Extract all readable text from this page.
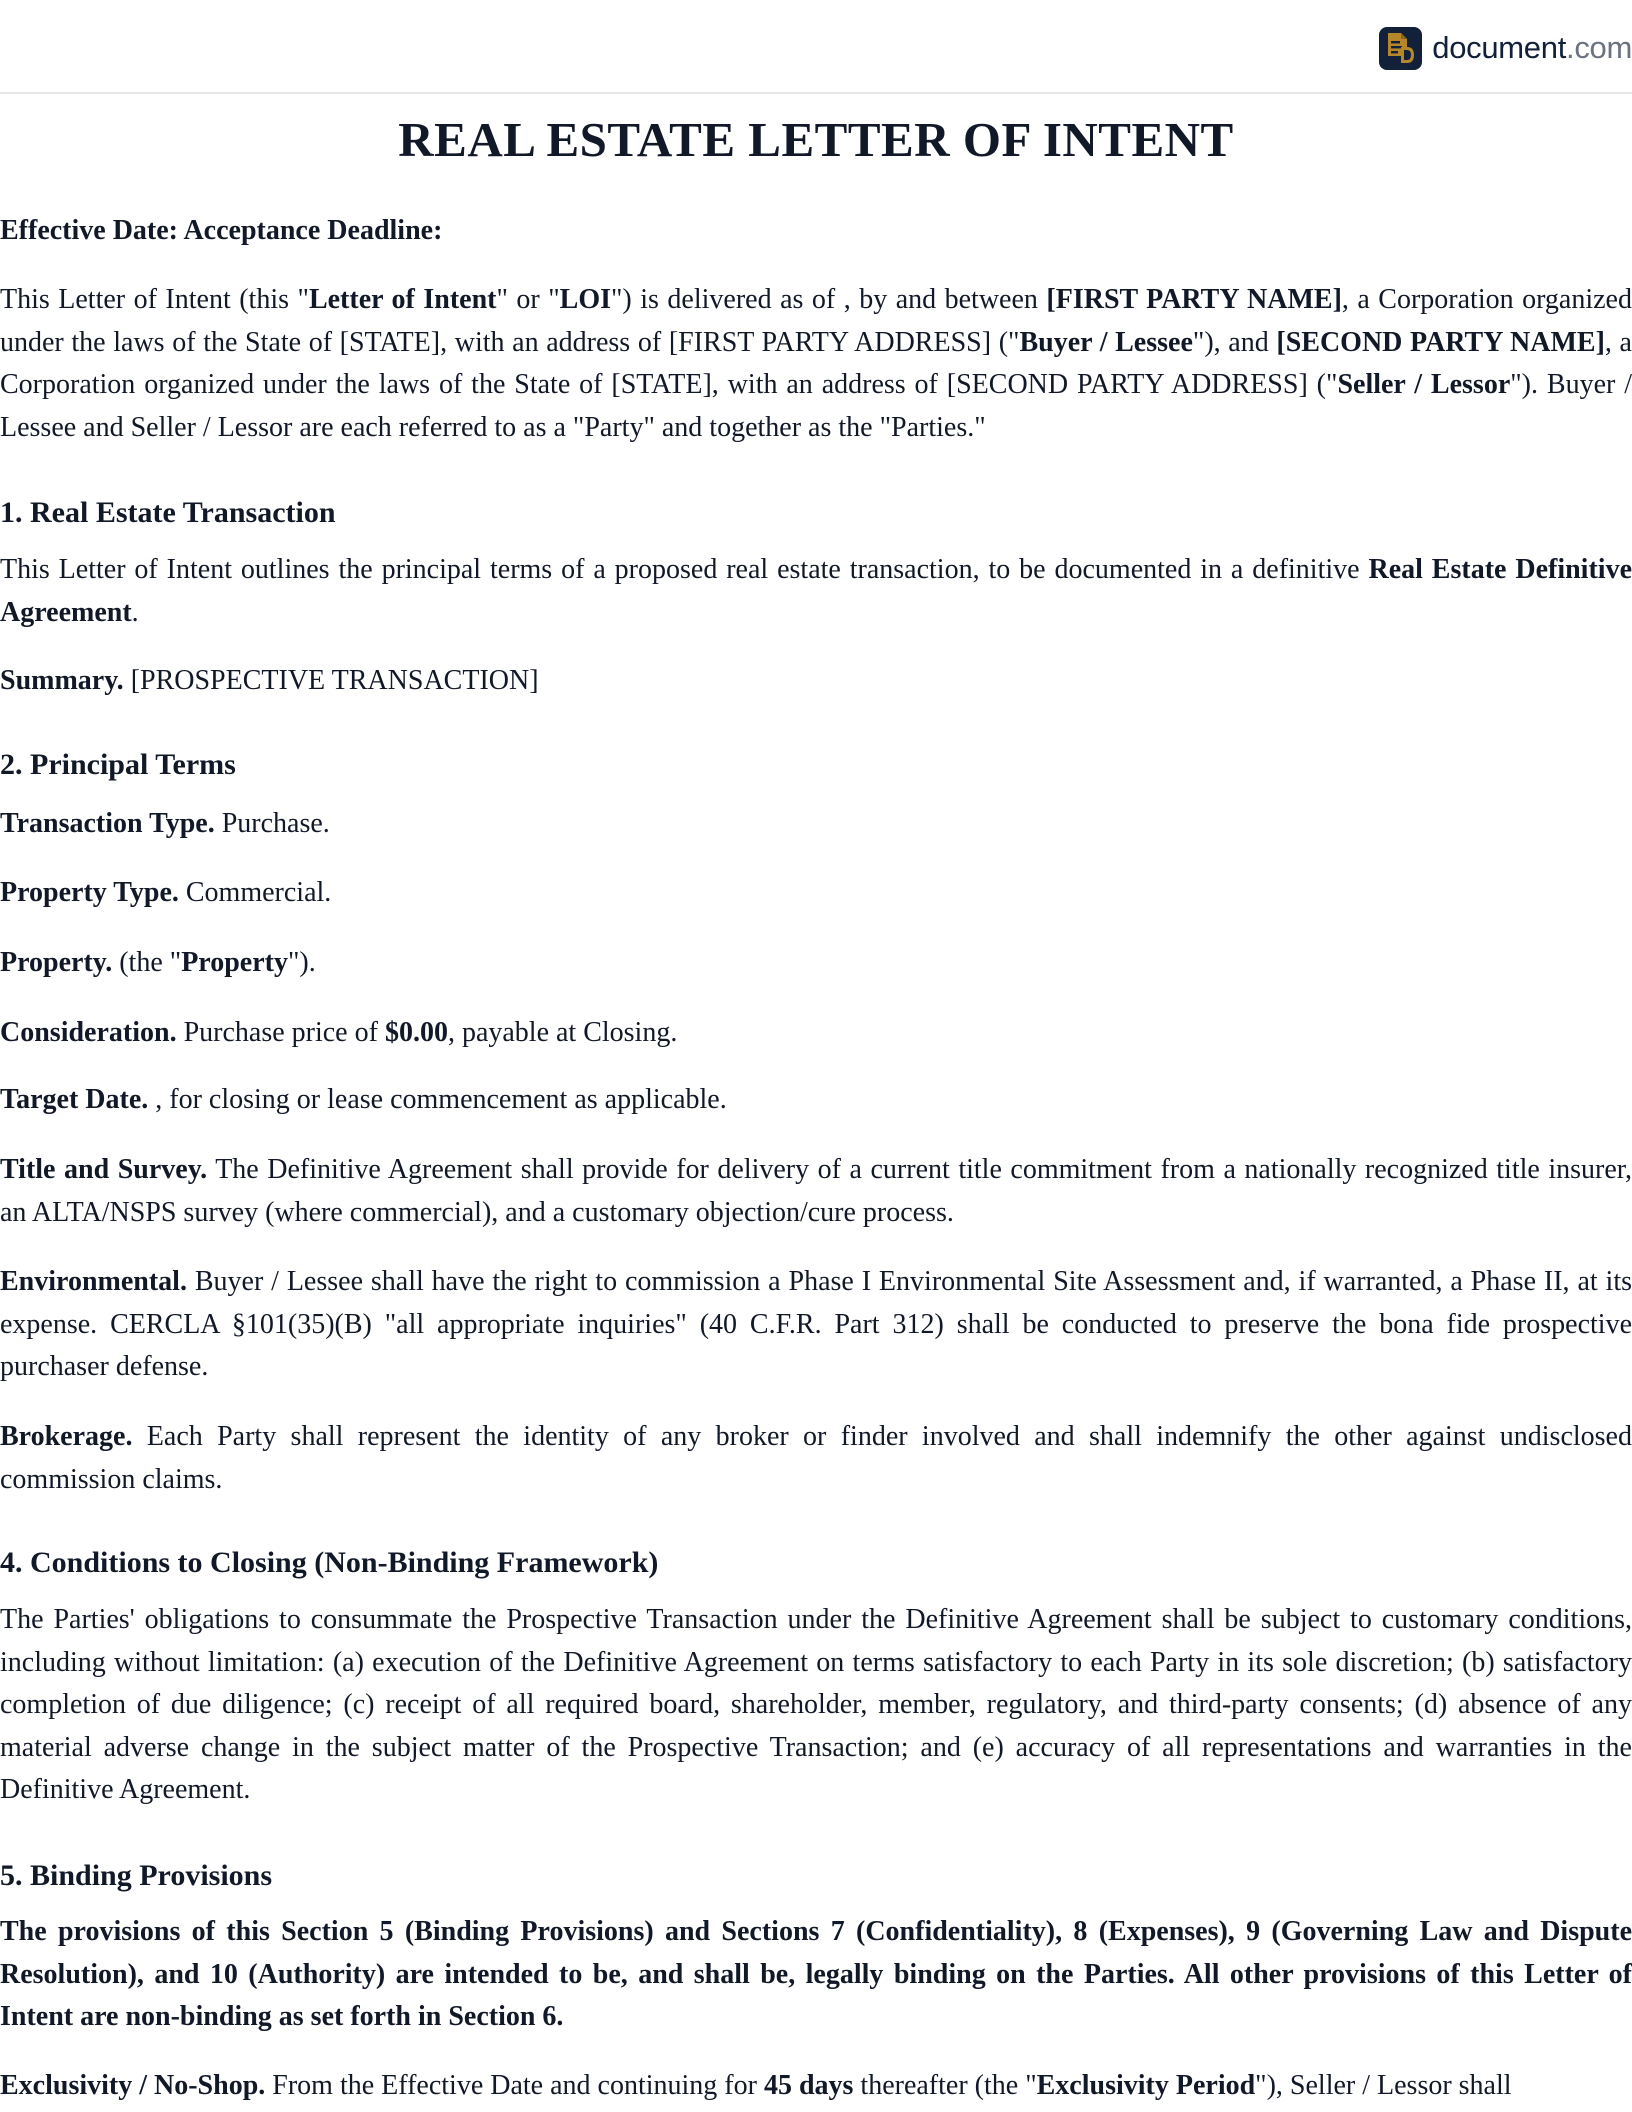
document.com
REAL ESTATE LETTER OF INTENT
Effective Date: Acceptance Deadline:
This Letter of Intent (this "Letter of Intent" or "LOI") is delivered as of , by and between [FIRST PARTY NAME], a Corporation organized under the laws of the State of [STATE], with an address of [FIRST PARTY ADDRESS] ("Buyer / Lessee"), and [SECOND PARTY NAME], a Corporation organized under the laws of the State of [STATE], with an address of [SECOND PARTY ADDRESS] ("Seller / Lessor"). Buyer / Lessee and Seller / Lessor are each referred to as a "Party" and together as the "Parties."
1. Real Estate Transaction
This Letter of Intent outlines the principal terms of a proposed real estate transaction, to be documented in a definitive Real Estate Definitive Agreement.
Summary. [PROSPECTIVE TRANSACTION]
2. Principal Terms
Transaction Type. Purchase.
Property Type. Commercial.
Property. (the "Property").
Consideration. Purchase price of $0.00, payable at Closing.
Target Date. , for closing or lease commencement as applicable.
Title and Survey. The Definitive Agreement shall provide for delivery of a current title commitment from a nationally recognized title insurer, an ALTA/NSPS survey (where commercial), and a customary objection/cure process.
Environmental. Buyer / Lessee shall have the right to commission a Phase I Environmental Site Assessment and, if warranted, a Phase II, at its expense. CERCLA §101(35)(B) "all appropriate inquiries" (40 C.F.R. Part 312) shall be conducted to preserve the bona fide prospective purchaser defense.
Brokerage. Each Party shall represent the identity of any broker or finder involved and shall indemnify the other against undisclosed commission claims.
4. Conditions to Closing (Non-Binding Framework)
The Parties' obligations to consummate the Prospective Transaction under the Definitive Agreement shall be subject to customary conditions, including without limitation: (a) execution of the Definitive Agreement on terms satisfactory to each Party in its sole discretion; (b) satisfactory completion of due diligence; (c) receipt of all required board, shareholder, member, regulatory, and third-party consents; (d) absence of any material adverse change in the subject matter of the Prospective Transaction; and (e) accuracy of all representations and warranties in the Definitive Agreement.
5. Binding Provisions
The provisions of this Section 5 (Binding Provisions) and Sections 7 (Confidentiality), 8 (Expenses), 9 (Governing Law and Dispute Resolution), and 10 (Authority) are intended to be, and shall be, legally binding on the Parties. All other provisions of this Letter of Intent are non-binding as set forth in Section 6.
Exclusivity / No-Shop. From the Effective Date and continuing for 45 days thereafter (the "Exclusivity Period"), Seller / Lessor shall
